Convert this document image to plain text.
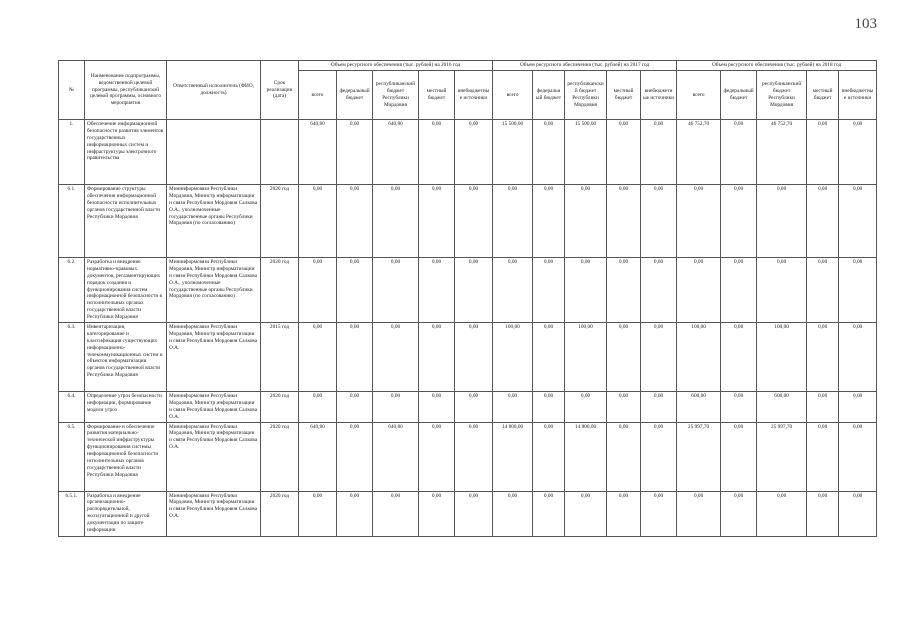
103
№	Наименование подпрограммы, ведомственной целевой программы, республиканской целевой программы, основного мероприятия	Ответственный исполнитель (ФИО, должность)	Срок реализации (дата)	Объем ресурсного обеспечения (тыс. рублей) на 2016 год					Объем ресурсного обеспечения (тыс. рублей) на 2017 год					Объем ресурсного обеспечения (тыс. рублей) на 2018 год				
				всего	федеральный бюджет	республиканский бюджет Республики Мордовия	местный бюджет	внебюджетные источники	всего	федеральный бюджет	республиканский бюджет Республики Мордовия	местный бюджет	внебюджетные источники	всего	федеральный бюджет	республиканский бюджет Республики Мордовия	местный бюджет	внебюджетные источники
1.	Обеспечение информационной безопасности развития элементов государственных информационных систем и инфраструктуры электронного правительства			640,80	0,00	640,80	0,00	0,00	15 500,00	0,00	15 500,00	0,00	0,00	46 752,70	0,00	46 752,70	0,00	0,00
6.1.	Формирование структуры обеспечения информационной безопасности исполнительных органов государственной власти Республики Мордовия	Мининформсвязи Республики Мордовия, Министр информатизации и связи Республики Мордовия Салкова О.А., уполномоченные государственные органы Республики Мордовия (по согласованию)	2020 год	0,00	0,00	0,00	0,00	0,00	0,00	0,00	0,00	0,00	0,00	0,00	0,00	0,00	0,00	0,00
6.2.	Разработка и внедрение нормативно-правовых документов, регламентирующих порядок создания и функционирования систем информационной безопасности в исполнительных органах государственной власти Республики Мордовия	Мининформсвязи Республики Мордовия, Министр информатизации и связи Республики Мордовия Салкова О.А., уполномоченные государственные органы Республики Мордовия (по согласованию)	2020 год	0,00	0,00	0,00	0,00	0,00	0,00	0,00	0,00	0,00	0,00	0,00	0,00	0,00	0,00	0,00
6.3.	Инвентаризация, категорирование и классификация существующих информационно-телекоммуникационных систем и объектов информатизации органов государственной власти Республики Мордовия	Мининформсвязи Республики Мордовия, Министр информатизации и связи Республики Мордовия Салкова О.А.	2015 год	0,00	0,00	0,00	0,00	0,00	100,00	0,00	100,00	0,00	0,00	100,00	0,00	100,00	0,00	0,00
6.4.	Определение угроз безопасности информации, формирование модели угроз	Мининформсвязи Республики Мордовия, Министр информатизации и связи Республики Мордовия Салкова О.А.	2020 год	0,00	0,00	0,00	0,00	0,00	0,00	0,00	0,00	0,00	0,00	600,00	0,00	600,00	0,00	0,00
6.5.	Формирование и обеспечение развития материально-технической инфраструктуры функционирования системы информационной безопасности исполнительных органов государственной власти Республики Мордовия	Мининформсвязи Республики Мордовия, Министр информатизации и связи Республики Мордовия Салкова О.А.	2020 год	640,80	0,00	640,80	0,00	0,00	14 800,00	0,00	14 800,00	0,00	0,00	25 997,70	0,00	25 997,70	0,00	0,00
6.5.1.	Разработка и внедрение организационно-распорядительной, эксплуатационной и другой документации по защите информации	Мининформсвязи Республики Мордовия, Министр информатизации и связи Республики Мордовия Салкова О.А.	2020 год	0,00	0,00	0,00	0,00	0,00	0,00	0,00	0,00	0,00	0,00	0,00	0,00	0,00	0,00	0,00
